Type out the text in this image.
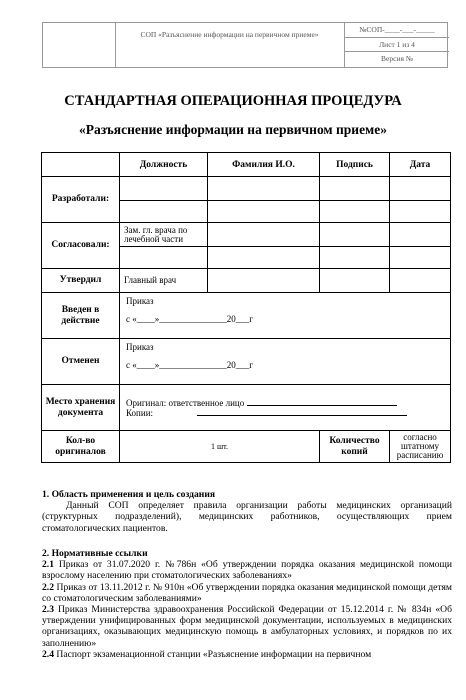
СОП «Разъяснение информации на первичном приеме»
№СОП-____-___-_____
Лист 1 из 4
Версия №
СТАНДАРТНАЯ ОПЕРАЦИОННАЯ ПРОЦЕДУРА
«Разъяснение информации на первичном приеме»
	Должность	Фамилия И.О.	Подпись	Дата
Разработали:				

Согласовали:	Зам. гл. врача по лечебной части			

Утвердил	Главный врач			
Введен в действие	Приказ
с «____»_______________20___г			

Отменен	Приказ
с «____»_______________20___г			

Место хранения документа	Оригинал: ответственное лицо
Копии:			

Кол-во оригиналов	1 шт.		Количество копий	согласно штатному расписанию
1. Область применения и цель создания
Данный СОП определяет правила организации работы медицинских организаций (структурных подразделений), медицинских работников, осуществляющих прием стоматологических пациентов.
2. Нормативные ссылки
2.1 Приказ от 31.07.2020 г. №786н «Об утверждении порядка оказания медицинской помощи взрослому населению при стоматологических заболеваниях»
2.2 Приказ от 13.11.2012 г. № 910н «Об утверждении порядка оказания медицинской помощи детям со стоматологическим заболеваниями»
2.3 Приказ Министерства здравоохранения Российской Федерации от 15.12.2014 г. № 834н «Об утверждении унифицированных форм медицинской документации, используемых в медицинских организациях, оказывающих медицинскую помощь в амбулаторных условиях, и порядков по их заполнению»
2.4 Паспорт экзаменационной станции «Разъяснение информации на первичном
